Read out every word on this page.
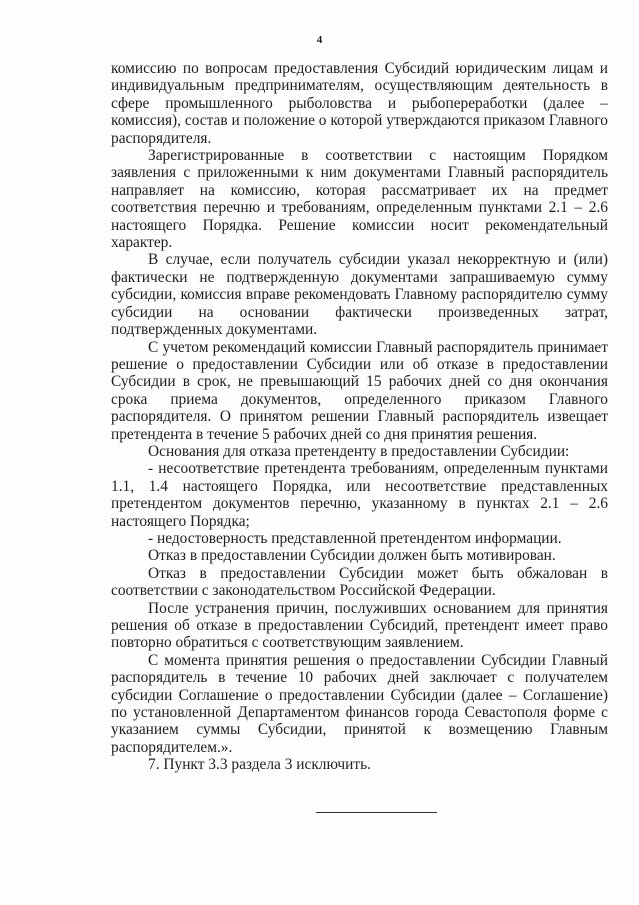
4

комиссию по вопросам предоставления Субсидий юридическим лицам и индивидуальным предпринимателям, осуществляющим деятельность в сфере промышленного рыболовства и рыбопереработки (далее – комиссия), состав и положение о которой утверждаются приказом Главного распорядителя.

Зарегистрированные в соответствии с настоящим Порядком заявления с приложенными к ним документами Главный распорядитель направляет на комиссию, которая рассматривает их на предмет соответствия перечню и требованиям, определенным пунктами 2.1 – 2.6 настоящего Порядка. Решение комиссии носит рекомендательный характер.

В случае, если получатель субсидии указал некорректную и (или) фактически не подтвержденную документами запрашиваемую сумму субсидии, комиссия вправе рекомендовать Главному распорядителю сумму субсидии на основании фактически произведенных затрат, подтвержденных документами.

С учетом рекомендаций комиссии Главный распорядитель принимает решение о предоставлении Субсидии или об отказе в предоставлении Субсидии в срок, не превышающий 15 рабочих дней со дня окончания срока приема документов, определенного приказом Главного распорядителя. О принятом решении Главный распорядитель извещает претендента в течение 5 рабочих дней со дня принятия решения.

Основания для отказа претенденту в предоставлении Субсидии:

- несоответствие претендента требованиям, определенным пунктами 1.1, 1.4 настоящего Порядка, или несоответствие представленных претендентом документов перечню, указанному в пунктах 2.1 – 2.6 настоящего Порядка;

- недостоверность представленной претендентом информации.

Отказ в предоставлении Субсидии должен быть мотивирован.

Отказ в предоставлении Субсидии может быть обжалован в соответствии с законодательством Российской Федерации.

После устранения причин, послуживших основанием для принятия решения об отказе в предоставлении Субсидий, претендент имеет право повторно обратиться с соответствующим заявлением.

С момента принятия решения о предоставлении Субсидии Главный распорядитель в течение 10 рабочих дней заключает с получателем субсидии Соглашение о предоставлении Субсидии (далее – Соглашение) по установленной Департаментом финансов города Севастополя форме с указанием суммы Субсидии, принятой к возмещению Главным распорядителем.».

7. Пункт 3.3 раздела 3 исключить.
